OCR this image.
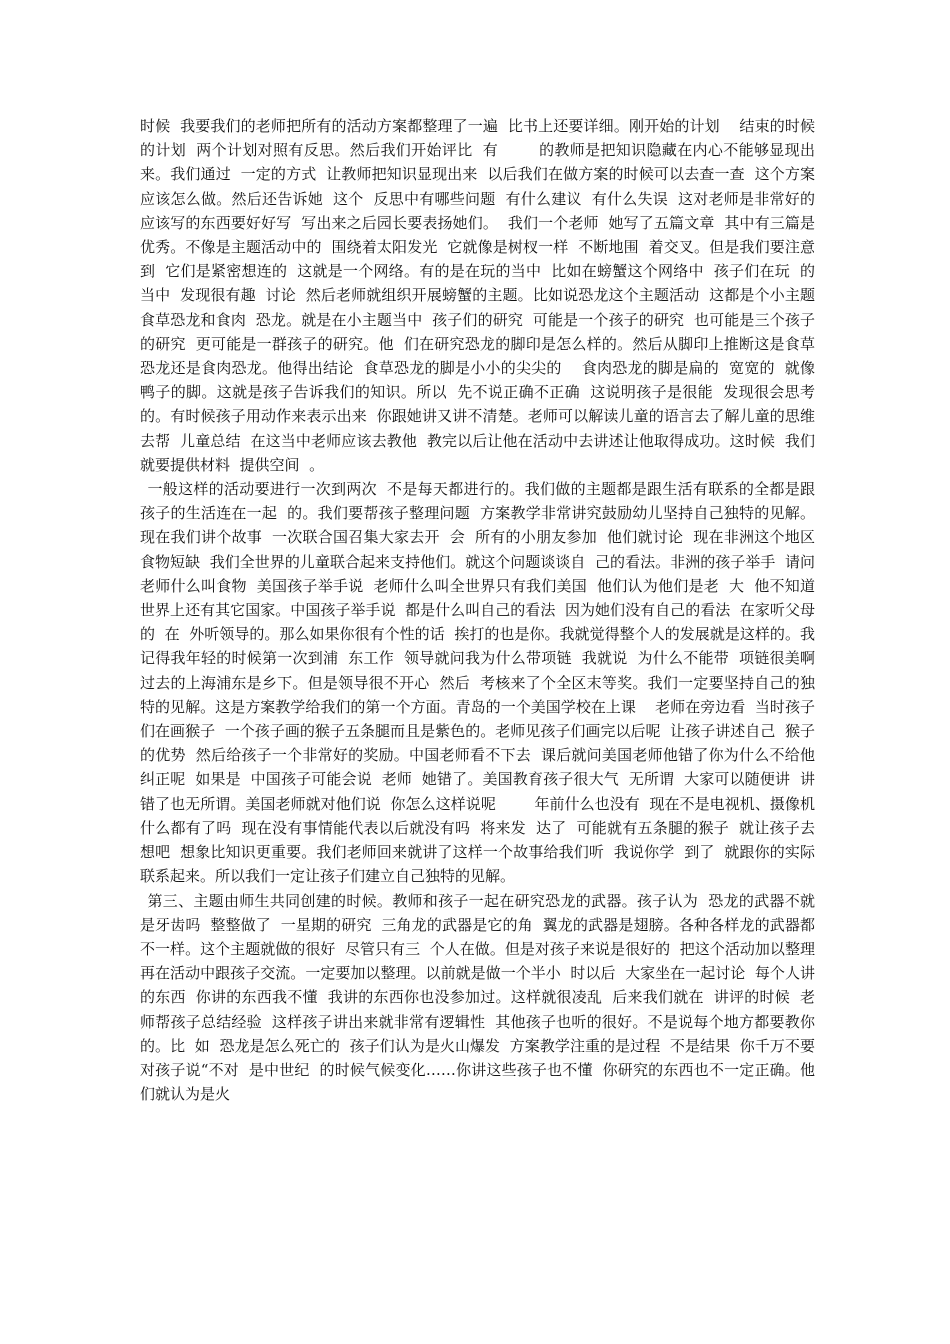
时候  我要我们的老师把所有的活动方案都整理了一遍  比书上还要详细。刚开始的计划    结束的时候的计划  两个计划对照有反思。然后我们开始评比  有        的教师是把知识隐藏在内心不能够显现出来。我们通过  一定的方式  让教师把知识显现出来  以后我们在做方案的时候可以去查一查  这个方案应该怎么做。然后还告诉她  这个  反思中有哪些问题  有什么建议  有什么失误  这对老师是非常好的  应该写的东西要好好写  写出来之后园长要表扬她们。  我们一个老师  她写了五篇文章  其中有三篇是优秀。不像是主题活动中的  围绕着太阳发光  它就像是树杈一样  不断地围  着交叉。但是我们要注意到  它们是紧密想连的  这就是一个网络。有的是在玩的当中  比如在螃蟹这个网络中  孩子们在玩  的当中  发现很有趣  讨论  然后老师就组织开展螃蟹的主题。比如说恐龙这个主题活动  这都是个小主题  食草恐龙和食肉  恐龙。就是在小主题当中  孩子们的研究  可能是一个孩子的研究  也可能是三个孩子的研究  更可能是一群孩子的研究。他  们在研究恐龙的脚印是怎么样的。然后从脚印上推断这是食草恐龙还是食肉恐龙。他得出结论  食草恐龙的脚是小小的尖尖的    食肉恐龙的脚是扁的  宽宽的  就像鸭子的脚。这就是孩子告诉我们的知识。所以  先不说正确不正确  这说明孩子是很能  发现很会思考的。有时候孩子用动作来表示出来  你跟她讲又讲不清楚。老师可以解读儿童的语言去了解儿童的思维  去帮  儿童总结  在这当中老师应该去教他  教完以后让他在活动中去讲述让他取得成功。这时候  我们就要提供材料  提供空间  。

一般这样的活动要进行一次到两次  不是每天都进行的。我们做的主题都是跟生活有联系的全都是跟孩子的生活连在一起  的。我们要帮孩子整理问题  方案教学非常讲究鼓励幼儿坚持自己独特的见解。现在我们讲个故事  一次联合国召集大家去开  会  所有的小朋友参加  他们就讨论  现在非洲这个地区食物短缺  我们全世界的儿童联合起来支持他们。就这个问题谈谈自  己的看法。非洲的孩子举手  请问老师什么叫食物  美国孩子举手说  老师什么叫全世界只有我们美国  他们认为他们是老  大  他不知道世界上还有其它国家。中国孩子举手说  都是什么叫自己的看法  因为她们没有自己的看法  在家听父母的  在  外听领导的。那么如果你很有个性的话  挨打的也是你。我就觉得整个人的发展就是这样的。我记得我年轻的时候第一次到浦  东工作  领导就问我为什么带项链  我就说  为什么不能带  项链很美啊  过去的上海浦东是乡下。但是领导很不开心  然后  考核来了个全区末等奖。我们一定要坚持自己的独特的见解。这是方案教学给我们的第一个方面。青岛的一个美国学校在上课    老师在旁边看  当时孩子们在画猴子  一个孩子画的猴子五条腿而且是紫色的。老师见孩子们画完以后呢  让孩子讲述自己  猴子的优势  然后给孩子一个非常好的奖励。中国老师看不下去  课后就问美国老师他错了你为什么不给他纠正呢  如果是  中国孩子可能会说  老师  她错了。美国教育孩子很大气  无所谓  大家可以随便讲  讲错了也无所谓。美国老师就对他们说  你怎么这样说呢        年前什么也没有  现在不是电视机、摄像机什么都有了吗  现在没有事情能代表以后就没有吗  将来发  达了  可能就有五条腿的猴子  就让孩子去想吧  想象比知识更重要。我们老师回来就讲了这样一个故事给我们听  我说你学  到了  就跟你的实际联系起来。所以我们一定让孩子们建立自己独特的见解。

第三、主题由师生共同创建的时候。教师和孩子一起在研究恐龙的武器。孩子认为  恐龙的武器不就是牙齿吗  整整做了  一星期的研究  三角龙的武器是它的角  翼龙的武器是翅膀。各种各样龙的武器都不一样。这个主题就做的很好  尽管只有三  个人在做。但是对孩子来说是很好的  把这个活动加以整理  再在活动中跟孩子交流。一定要加以整理。以前就是做一个半小  时以后  大家坐在一起讨论  每个人讲的东西  你讲的东西我不懂  我讲的东西你也没参加过。这样就很凌乱  后来我们就在  讲评的时候  老师帮孩子总结经验  这样孩子讲出来就非常有逻辑性  其他孩子也听的很好。不是说每个地方都要教你的。比  如  恐龙是怎么死亡的  孩子们认为是火山爆发  方案教学注重的是过程  不是结果  你千万不要对孩子说“不对  是中世纪  的时候气候变化……你讲这些孩子也不懂  你研究的东西也不一定正确。他们就认为是火
